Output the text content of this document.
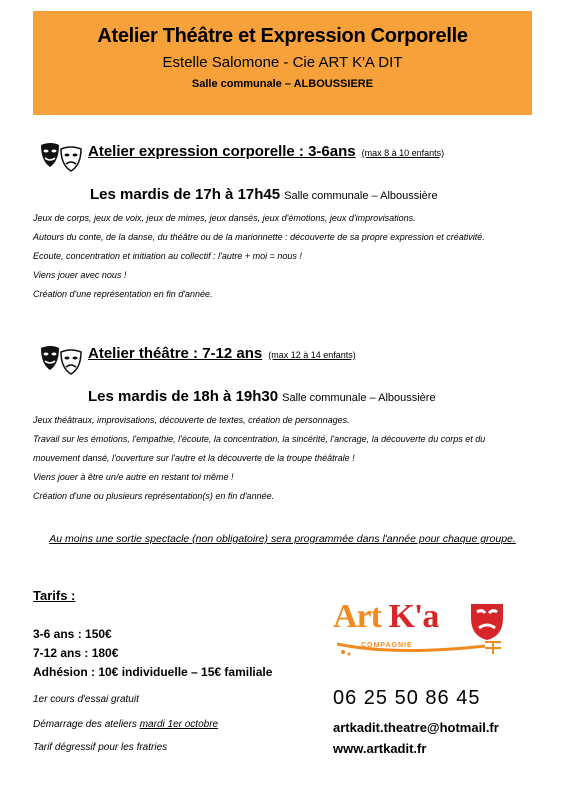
Atelier Théâtre et Expression Corporelle
Estelle Salomone - Cie ART K'A DIT
Salle communale – ALBOUSSIERE
Atelier expression corporelle : 3-6ans (max 8 à 10 enfants)
Les mardis de 17h à 17h45 Salle communale – Alboussière
Jeux de corps, jeux de voix, jeux de mimes, jeux dansés, jeux d'émotions, jeux d'improvisations.
Autours du conte, de la danse, du théâtre ou de la marionnette : découverte de sa propre expression et créativité.
Ecoute, concentration et initiation au collectif : l'autre + moi = nous !
Viens jouer avec nous !
Création d'une représentation en fin d'année.
Atelier théâtre : 7-12 ans (max 12 à 14 enfants)
Les mardis de 18h à 19h30 Salle communale – Alboussière
Jeux théâtraux, improvisations, découverte de textes, création de personnages.
Travail sur les émotions, l'empathie, l'écoute, la concentration, la sincérité, l'ancrage, la découverte du corps et du
mouvement dansé, l'ouverture sur l'autre et la découverte de la troupe théâtrale !
Viens jouer à être un/e autre en restant toi même !
Création d'une ou plusieurs représentation(s) en fin d'année.
Au moins une sortie spectacle (non obligatoire) sera programmée dans l'année pour chaque groupe.
Tarifs :
3-6 ans : 150€
7-12 ans : 180€
Adhésion : 10€ individuelle – 15€ familiale
1er cours d'essai gratuit
Démarrage des ateliers mardi 1er octobre
Tarif dégressif pour les fratries
Art K'a
COMPAGNIE
06 25 50 86 45
artkadit.theatre@hotmail.fr
www.artkadit.fr
